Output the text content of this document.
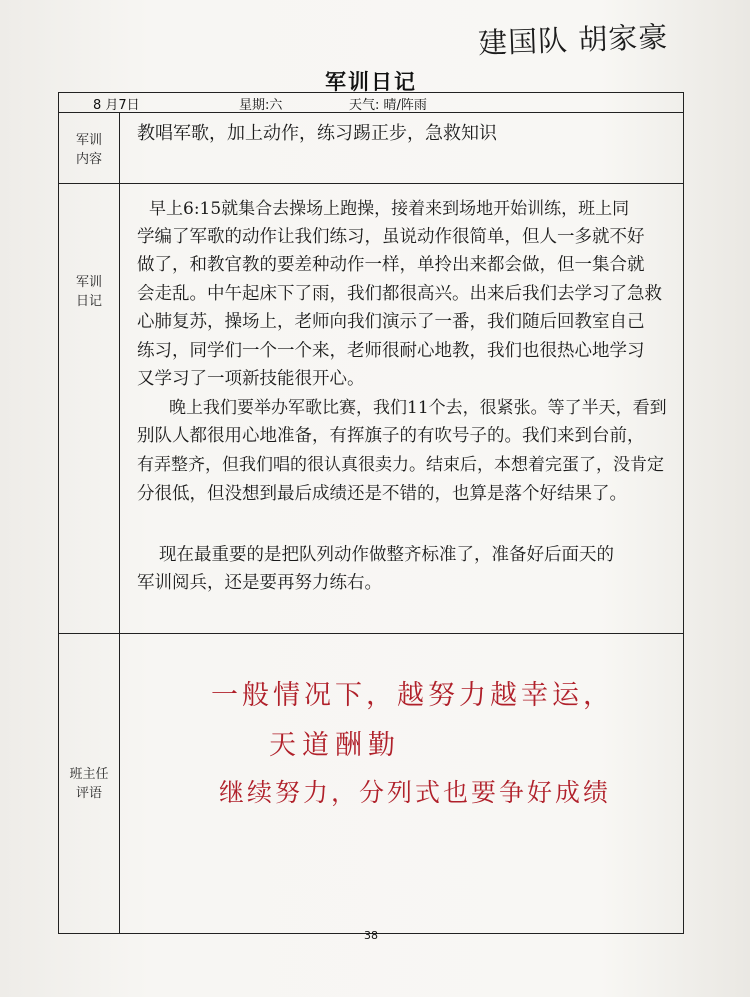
建国队 胡家豪
军训日记
8 月7日	星期:六	天气: 晴/阵雨
军训
内容
教唱军歌，加上动作，练习踢正步，急救知识
军训
日记
早上6:15就集合去操场上跑操，接着来到场地开始训练，班上同
学编了军歌的动作让我们练习，虽说动作很简单，但人一多就不好
做了，和教官教的要差种动作一样，单拎出来都会做，但一集合就
会走乱。中午起床下了雨，我们都很高兴。出来后我们去学习了急救
心肺复苏，操场上，老师向我们演示了一番，我们随后回教室自己
练习，同学们一个一个来，老师很耐心地教，我们也很热心地学习
又学习了一项新技能很开心。
晚上我们要举办军歌比赛，我们11个去，很紧张。等了半天，看到
别队人都很用心地准备，有挥旗子的有吹号子的。我们来到台前，
有弄整齐，但我们唱的很认真很卖力。结束后，本想着完蛋了，没肯定
分很低，但没想到最后成绩还是不错的，也算是落个好结果了。
现在最重要的是把队列动作做整齐标准了，准备好后面天的
军训阅兵，还是要再努力练右。
班主任
评语
一般情况下，越努力越幸运，
天道酬勤
继续努力，分列式也要争好成绩
38
